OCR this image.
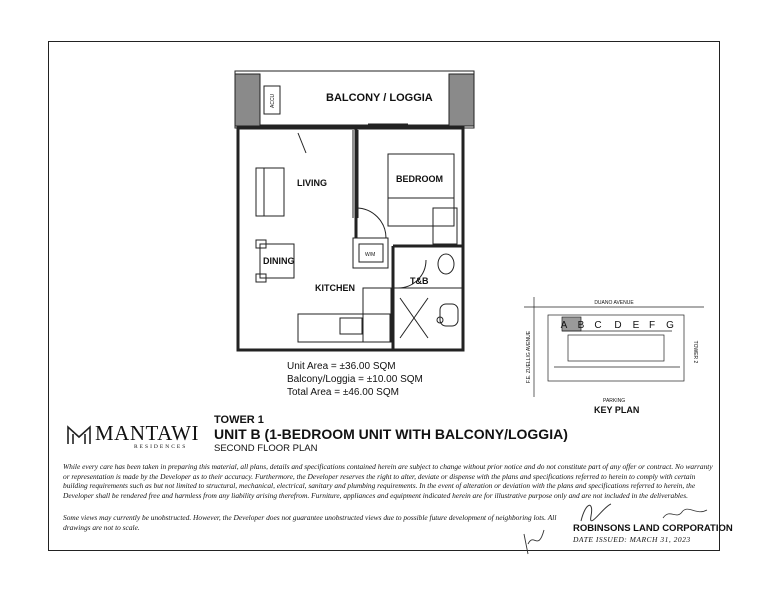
BALCONY / LOGGIA
LIVING	BEDROOM
DINING
KITCHEN
T&B
ACCU
W/M
Unit Area = ±36.00 SQM
Balcony/Loggia = ±10.00 SQM
Total Area = ±46.00 SQM
DUANO AVENUE
A B C D E F G
F.E. ZUELLIG AVENUE	TOWER 2
PARKING
KEY PLAN
MANTAWI
RESIDENCES
TOWER 1
UNIT B (1-BEDROOM UNIT WITH BALCONY/LOGGIA)
SECOND FLOOR PLAN
While every care has been taken in preparing this material, all plans, details and specifications contained herein are subject to change without prior notice and do not constitute part of any offer or contract. No warranty or representation is made by the Developer as to their accuracy. Furthermore, the Developer reserves the right to alter, deviate or dispense with the plans and specifications referred to herein to comply with certain building requirements such as but not limited to structural, mechanical, electrical, sanitary and plumbing requirements. In the event of alteration or deviation with the plans and specifications referred to herein, the Developer shall be rendered free and harmless from any liability arising therefrom. Furniture, appliances and equipment indicated herein are for illustrative purpose only and are not included in the deliverables.
Some views may currently be unobstructed. However, the Developer does not guarantee unobstructed views due to possible future development of neighboring lots. All drawings are not to scale.	ROBINSONS LAND CORPORATION
DATE ISSUED: MARCH 31, 2023
